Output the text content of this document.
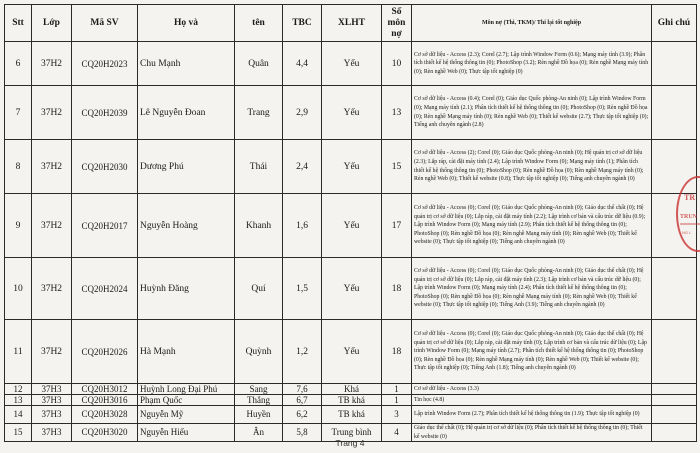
Stt	Lớp	Mã SV	Họ và	tên	TBC	XLHT	Số môn nợ	Môn nợ (Thi, TKM)/ Thi lại tốt nghiệp	Ghi chú
6	37H2	CQ20H2023	Chu Mạnh	Quân	4,4	Yếu	10	Cơ sở dữ liệu - Access (2.3); Corel (2.7); Lập trình Window Form (0.6); Mạng máy tính (3.9); Phân tích thiết kế hệ thống thông tin (0); PhotoShop (3.2); Rèn nghề Đồ họa (0); Rèn nghề Mạng máy tính (0); Rèn nghề Web (0); Thực tập tốt nghiệp (0)	
7	37H2	CQ20H2039	Lê Nguyễn Đoan	Trang	2,9	Yếu	13	Cơ sở dữ liệu - Access (0.4); Corel (0); Giáo dục Quốc phòng-An ninh (0); Lập trình Window Form (0); Mạng máy tính (2.1); Phân tích thiết kế hệ thống thông tin (0); PhotoShop (0); Rèn nghề Đồ họa (0); Rèn nghề Mạng máy tính (0); Rèn nghề Web (0); Thiết kế website (2.7); Thực tập tốt nghiệp (0); Tiếng anh chuyên ngành (2.8)	
8	37H2	CQ20H2030	Dương Phú	Thái	2,4	Yếu	15	Cơ sở dữ liệu - Access (2); Corel (0); Giáo dục Quốc phòng-An ninh (0); Hệ quản trị cơ sở dữ liệu (2.3); Lắp ráp, cài đặt máy tính (2.4); Lập trình Window Form (0); Mạng máy tính (1); Phân tích thiết kế hệ thống thông tin (0); PhotoShop (0); Rèn nghề Đồ họa (0); Rèn nghề Mạng máy tính (0); Rèn nghề Web (0); Thiết kế website (0.8); Thực tập tốt nghiệp (0); Tiếng anh chuyên ngành (0)	
9	37H2	CQ20H2017	Nguyễn Hoàng	Khanh	1,6	Yếu	17	Cơ sở dữ liệu - Access (0); Corel (0); Giáo dục Quốc phòng-An ninh (0); Giáo dục thể chất (0); Hệ quản trị cơ sở dữ liệu (0); Lắp ráp, cài đặt máy tính (2.2); Lập trình cơ bản và cấu trúc dữ liệu (0.9); Lập trình Window Form (0); Mạng máy tính (2.9); Phân tích thiết kế hệ thống thông tin (0); PhotoShop (0); Rèn nghề Đồ họa (0); Rèn nghề Mạng máy tính (0); Rèn nghề Web (0); Thiết kế website (0); Thực tập tốt nghiệp (0); Tiếng anh chuyên ngành (0)	
10	37H2	CQ20H2024	Huỳnh Đăng	Quí	1,5	Yếu	18	Cơ sở dữ liệu - Access (0); Corel (0); Giáo dục Quốc phòng-An ninh (0); Giáo dục thể chất (0); Hệ quản trị cơ sở dữ liệu (0); Lắp ráp, cài đặt máy tính (2.3); Lập trình cơ bản và cấu trúc dữ liệu (0); Lập trình Window Form (0); Mạng máy tính (2.4); Phân tích thiết kế hệ thống thông tin (0); PhotoShop (0); Rèn nghề Đồ họa (0); Rèn nghề Mạng máy tính (0); Rèn nghề Web (0); Thiết kế website (0); Thực tập tốt nghiệp (0); Tiếng Anh (3.9); Tiếng anh chuyên ngành (0)	
11	37H2	CQ20H2026	Hà Mạnh	Quỳnh	1,2	Yếu	18	Cơ sở dữ liệu - Access (0); Corel (0); Giáo dục Quốc phòng-An ninh (0); Giáo dục thể chất (0); Hệ quản trị cơ sở dữ liệu (0); Lắp ráp, cài đặt máy tính (0); Lập trình cơ bản và cấu trúc dữ liệu (0); Lập trình Window Form (0); Mạng máy tính (2.7); Phân tích thiết kế hệ thống thông tin (0); PhotoShop (0); Rèn nghề Đồ họa (0); Rèn nghề Mạng máy tính (0); Rèn nghề Web (0); Thiết kế website (0); Thực tập tốt nghiệp (0); Tiếng Anh (1.8); Tiếng anh chuyên ngành (0)	
12	37H3	CQ20H3012	Huỳnh Long Đại Phú	Sang	7,6	Khá	1	Cơ sở dữ liệu - Access (3.3)	
13	37H3	CQ20H3016	Phạm Quốc	Thắng	6,7	TB khá	1	Tin học (4.8)	
14	37H3	CQ20H3028	Nguyễn Mỹ	Huyền	6,2	TB khá	3	Lập trình Window Form (2.7); Phân tích thiết kế hệ thống thông tin (1.9); Thực tập tốt nghiệp (0)	
15	37H3	CQ20H3020	Nguyễn Hiếu	Ân	5,8	Trung bình	4	Giáo dục thể chất (0); Hệ quản trị cơ sở dữ liệu (0); Phân tích thiết kế hệ thống thông tin (0); Thiết kế website (0)	
TR
TRUN
NG L
Trang 4
